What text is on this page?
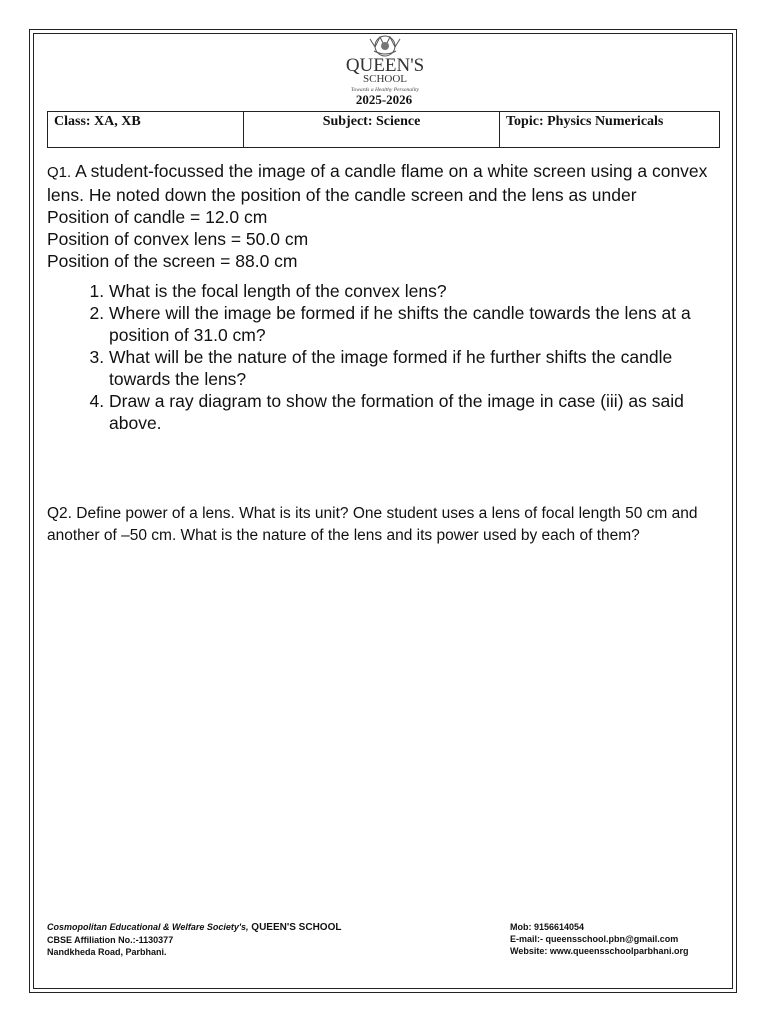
QUEEN'S
SCHOOL
Towards a Healthy Personality
2025-2026
Class: XA, XB	Subject: Science	Topic: Physics Numericals

Q1. A student-focussed the image of a candle flame on a white screen using a convex lens. He noted down the position of the candle screen and the lens as under

Position of candle = 12.0 cm

Position of convex lens = 50.0 cm

Position of the screen = 88.0 cm

1. What is the focal length of the convex lens?
2. Where will the image be formed if he shifts the candle towards the lens at a position of 31.0 cm?
3. What will be the nature of the image formed if he further shifts the candle towards the lens?
4. Draw a ray diagram to show the formation of the image in case (iii) as said above.
Q2. Define power of a lens. What is its unit? One student uses a lens of focal length 50 cm and another of –50 cm. What is the nature of the lens and its power used by each of them?
Cosmopolitan Educational & Welfare Society's, QUEEN'S SCHOOL
CBSE Affiliation No.:-1130377
Nandkheda Road, Parbhani.
Mob: 9156614054
E-mail:- queensschool.pbn@gmail.com
Website: www.queensschoolparbhani.org
